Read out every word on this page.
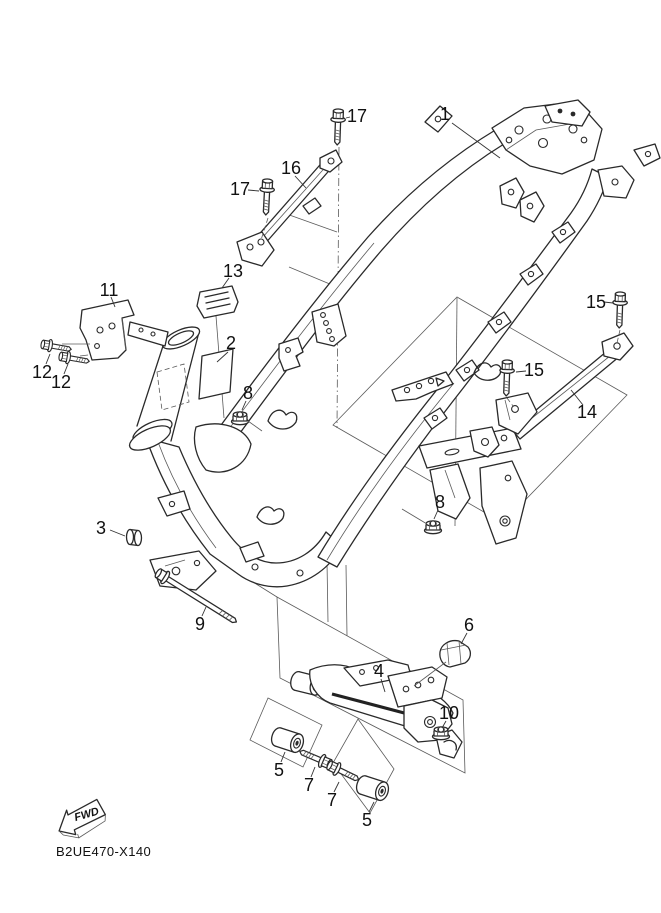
1
2
3
4
5
5
6
7
7
8
8
9
10
11
12
12
13
14
15
15
16
17
17
FWD
B2UE470-X140
